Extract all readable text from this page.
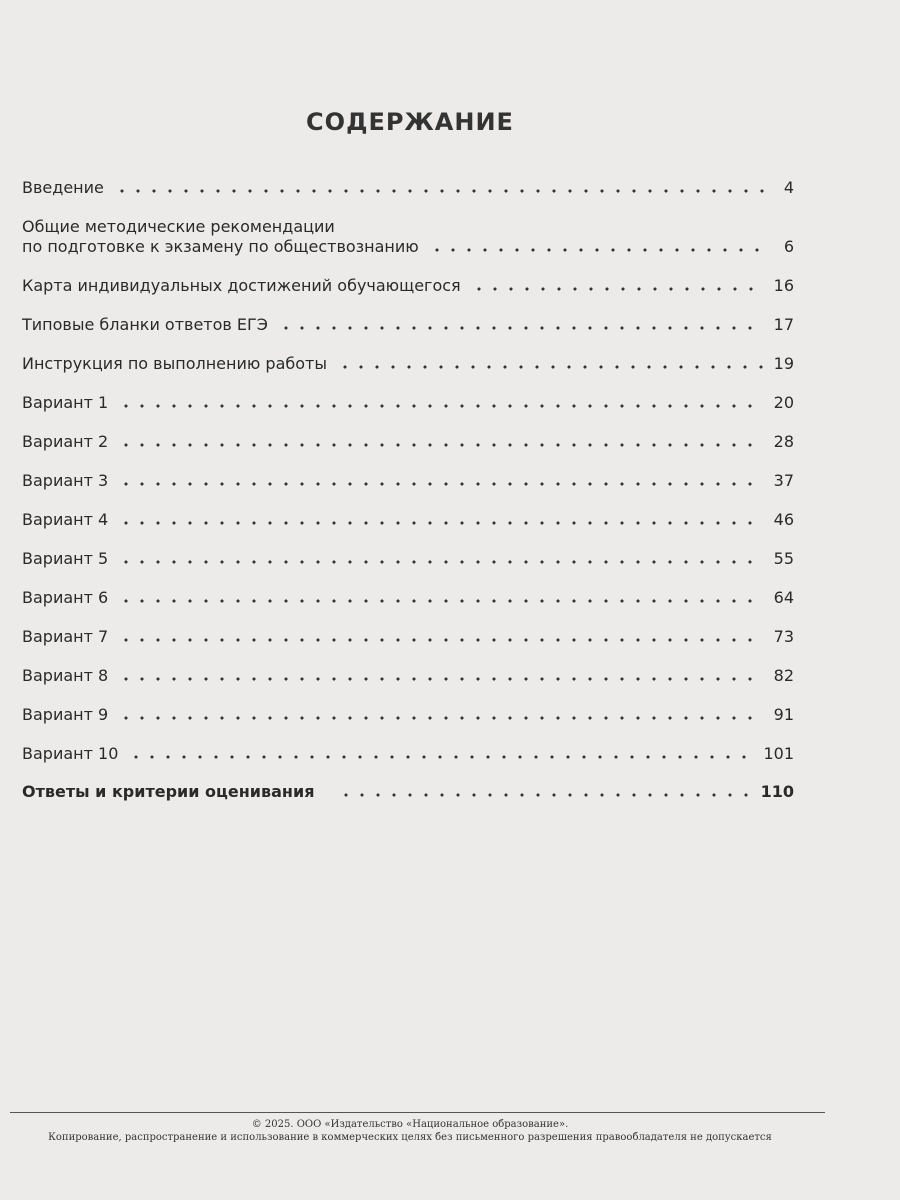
СОДЕРЖАНИЕ
Введение	4
Общие методические рекомендации
по подготовке к экзамену по обществознанию	6
Карта индивидуальных достижений обучающегося	16
Типовые бланки ответов ЕГЭ	17
Инструкция по выполнению работы	19
Вариант 1	20
Вариант 2	28
Вариант 3	37
Вариант 4	46
Вариант 5	55
Вариант 6	64
Вариант 7	73
Вариант 8	82
Вариант 9	91
Вариант 10	101
Ответы и критерии оценивания	110
© 2025. ООО «Издательство «Национальное образование».
Копирование, распространение и использование в коммерческих целях без письменного разрешения правообладателя не допускается
